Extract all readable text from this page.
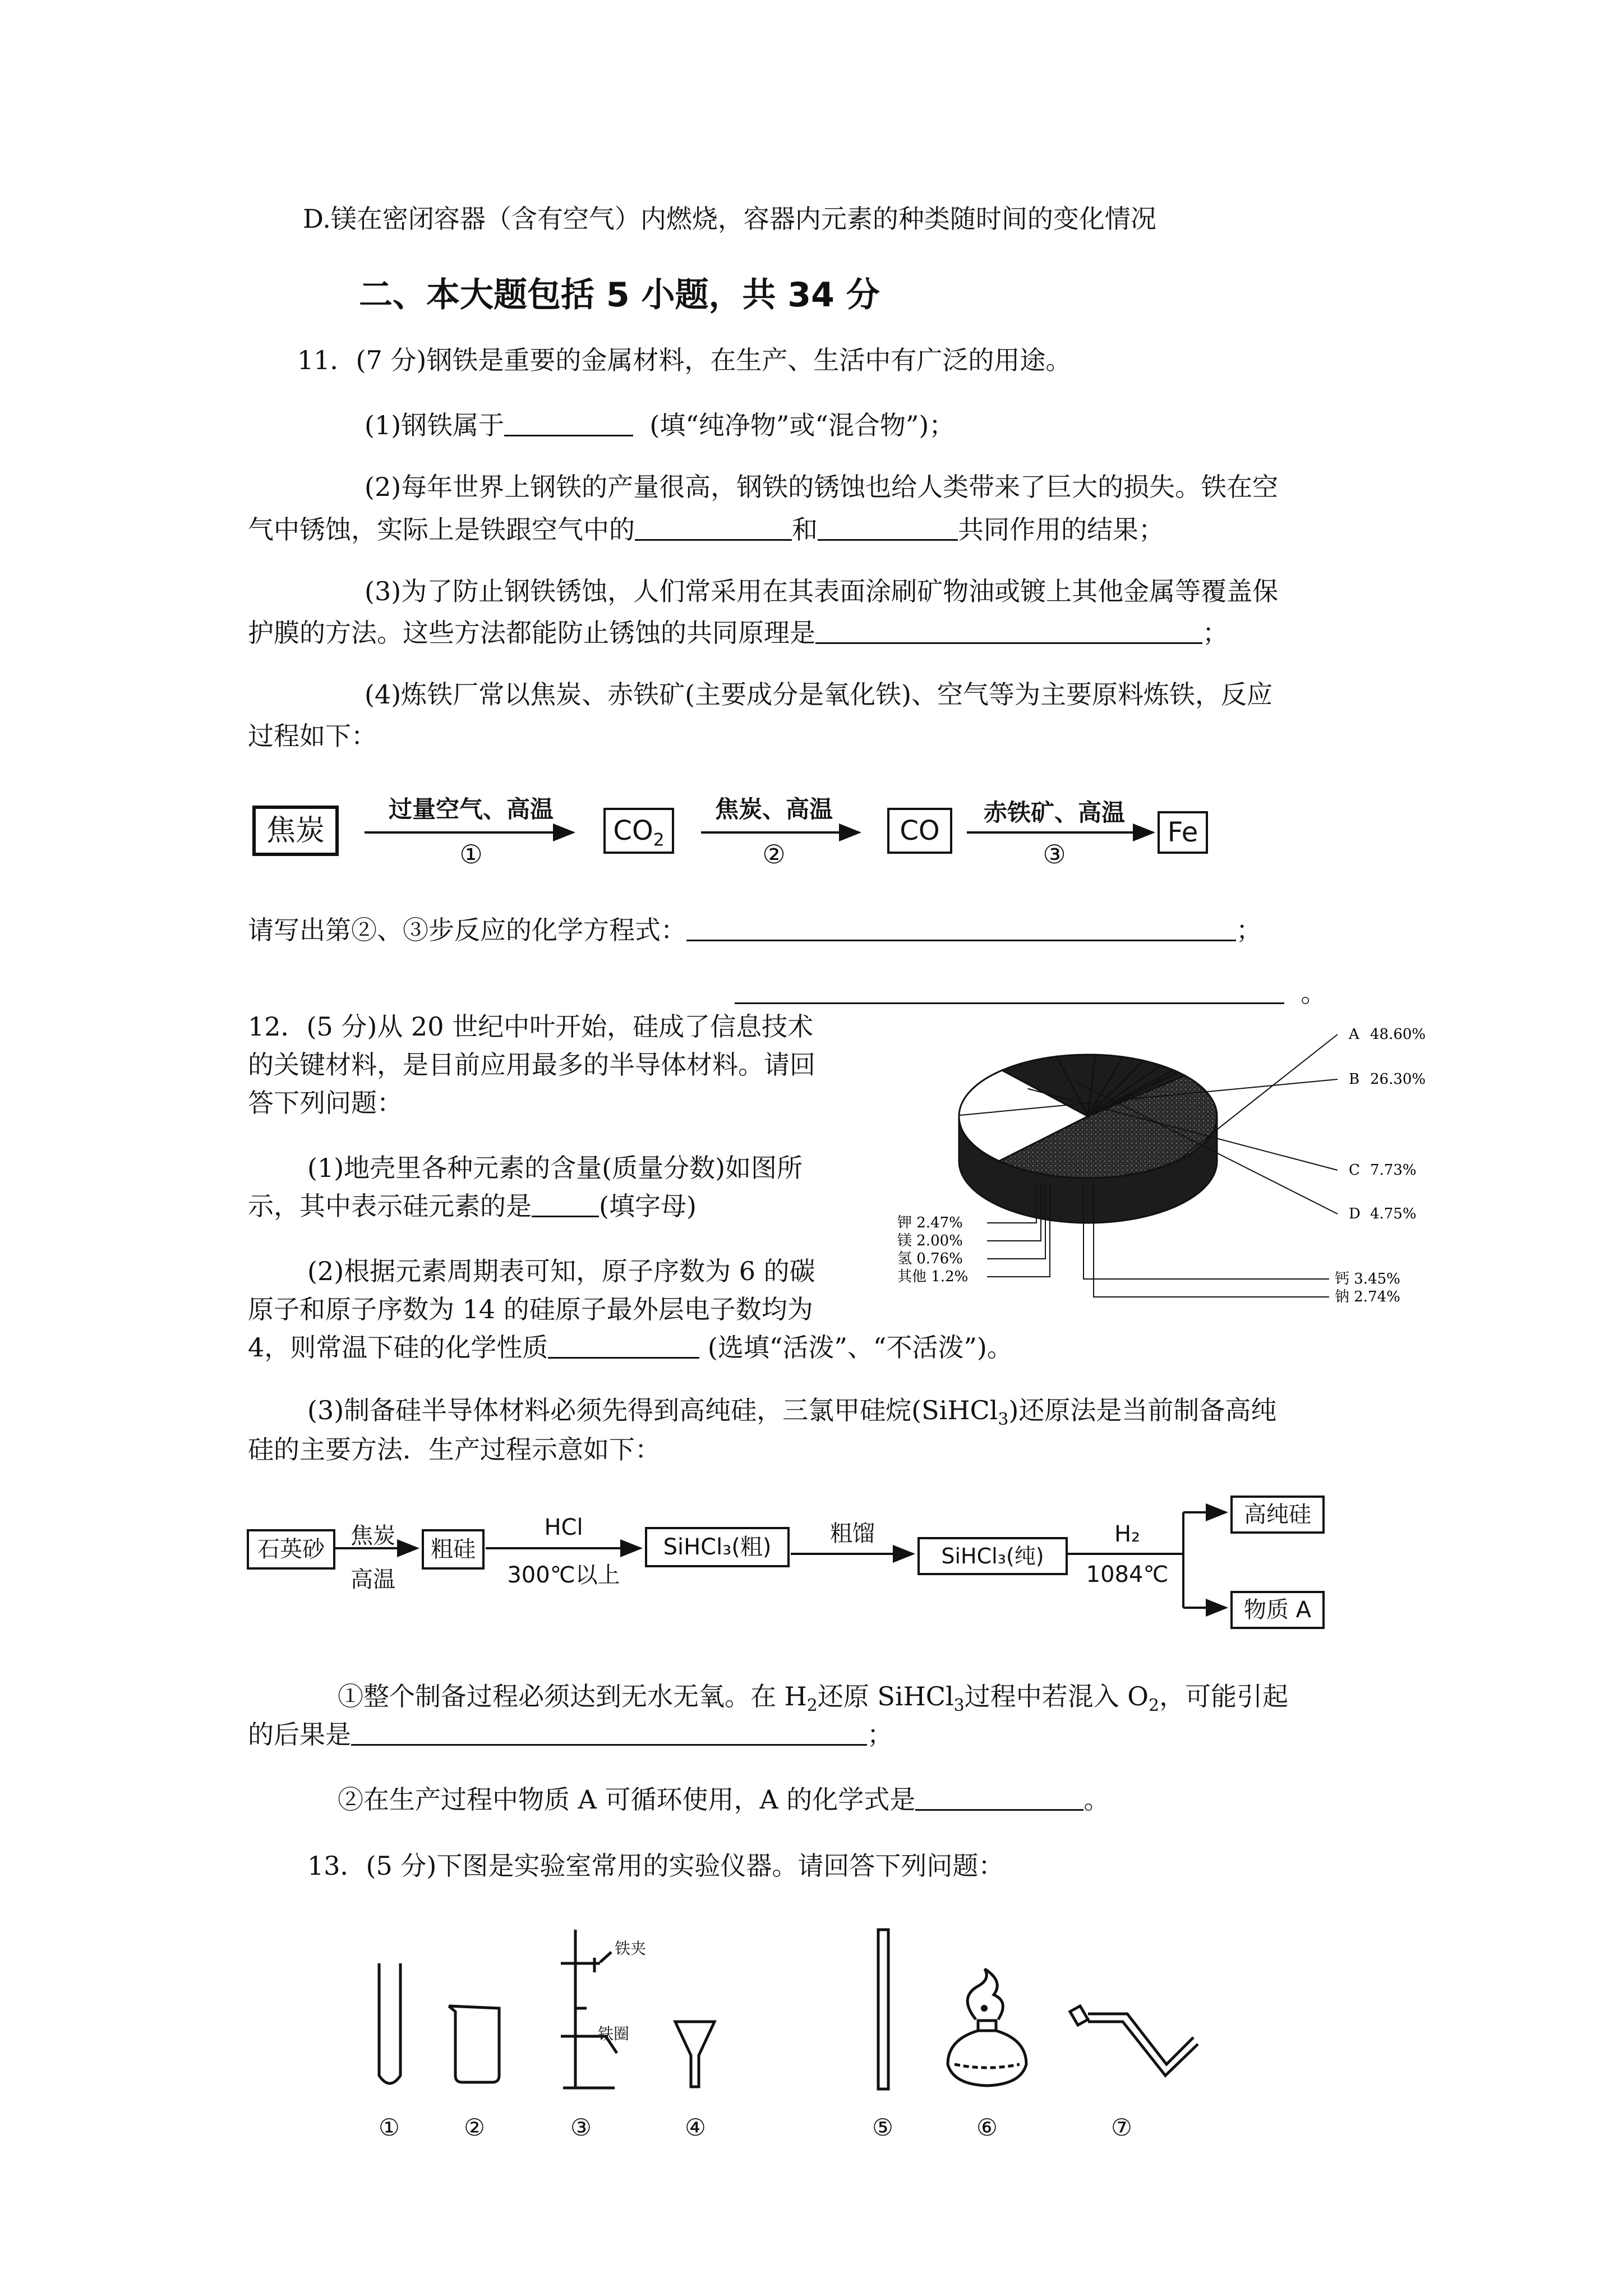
D.镁在密闭容器（含有空气）内燃烧，容器内元素的种类随时间的变化情况
二、本大题包括 5 小题，共 34 分
11．(7 分)钢铁是重要的金属材料，在生产、生活中有广泛的用途。
(1)钢铁属于	(填“纯净物”或“混合物”)；
(2)每年世界上钢铁的产量很高，钢铁的锈蚀也给人类带来了巨大的损失。铁在空
气中锈蚀，实际上是铁跟空气中的	和	共同作用的结果；
(3)为了防止钢铁锈蚀，人们常采用在其表面涂刷矿物油或镀上其他金属等覆盖保
护膜的方法。这些方法都能防止锈蚀的共同原理是	；
(4)炼铁厂常以焦炭、赤铁矿(主要成分是氧化铁)、空气等为主要原料炼铁，反应
过程如下：
焦炭	$CO_2$	CO	Fe
过量空气、高温
①
焦炭、高温
②
赤铁矿、高温
③
请写出第②、③步反应的化学方程式：	；
。
12．(5 分)从 20 世纪中叶开始，硅成了信息技术
的关键材料，是目前应用最多的半导体材料。请回
答下列问题：
(1)地壳里各种元素的含量(质量分数)如图所
示，其中表示硅元素的是	(填字母)
(2)根据元素周期表可知，原子序数为 6 的碳
原子和原子序数为 14 的硅原子最外层电子数均为
4，则常温下硅的化学性质	(选填“活泼”、“不活泼”)。
A 48.60%
B 26.30%
C 7.73%
D 4.75%
钙 3.45%
钠 2.74%
钾 2.47%
镁 2.00%
氢 0.76%
其他 1.2%
(3)制备硅半导体材料必须先得到高纯硅，三氯甲硅烷(SiHCl$_3$)还原法是当前制备高纯
硅的主要方法．生产过程示意如下：
石英砂	粗硅	SiHCl₃(粗)	SiHCl₃(纯)
高纯硅
物质 A
焦炭
高温
HCl
300℃以上
粗馏	H₂
1084℃
①整个制备过程必须达到无水无氧。在 $H_2$还原 SiHCl$_3$过程中若混入 $O_2$，可能引起
的后果是	；
②在生产过程中物质 A 可循环使用，A 的化学式是	。
13．(5 分)下图是实验室常用的实验仪器。请回答下列问题：
铁夹
铁圈
①	②	③	④	⑤	⑥	⑦
